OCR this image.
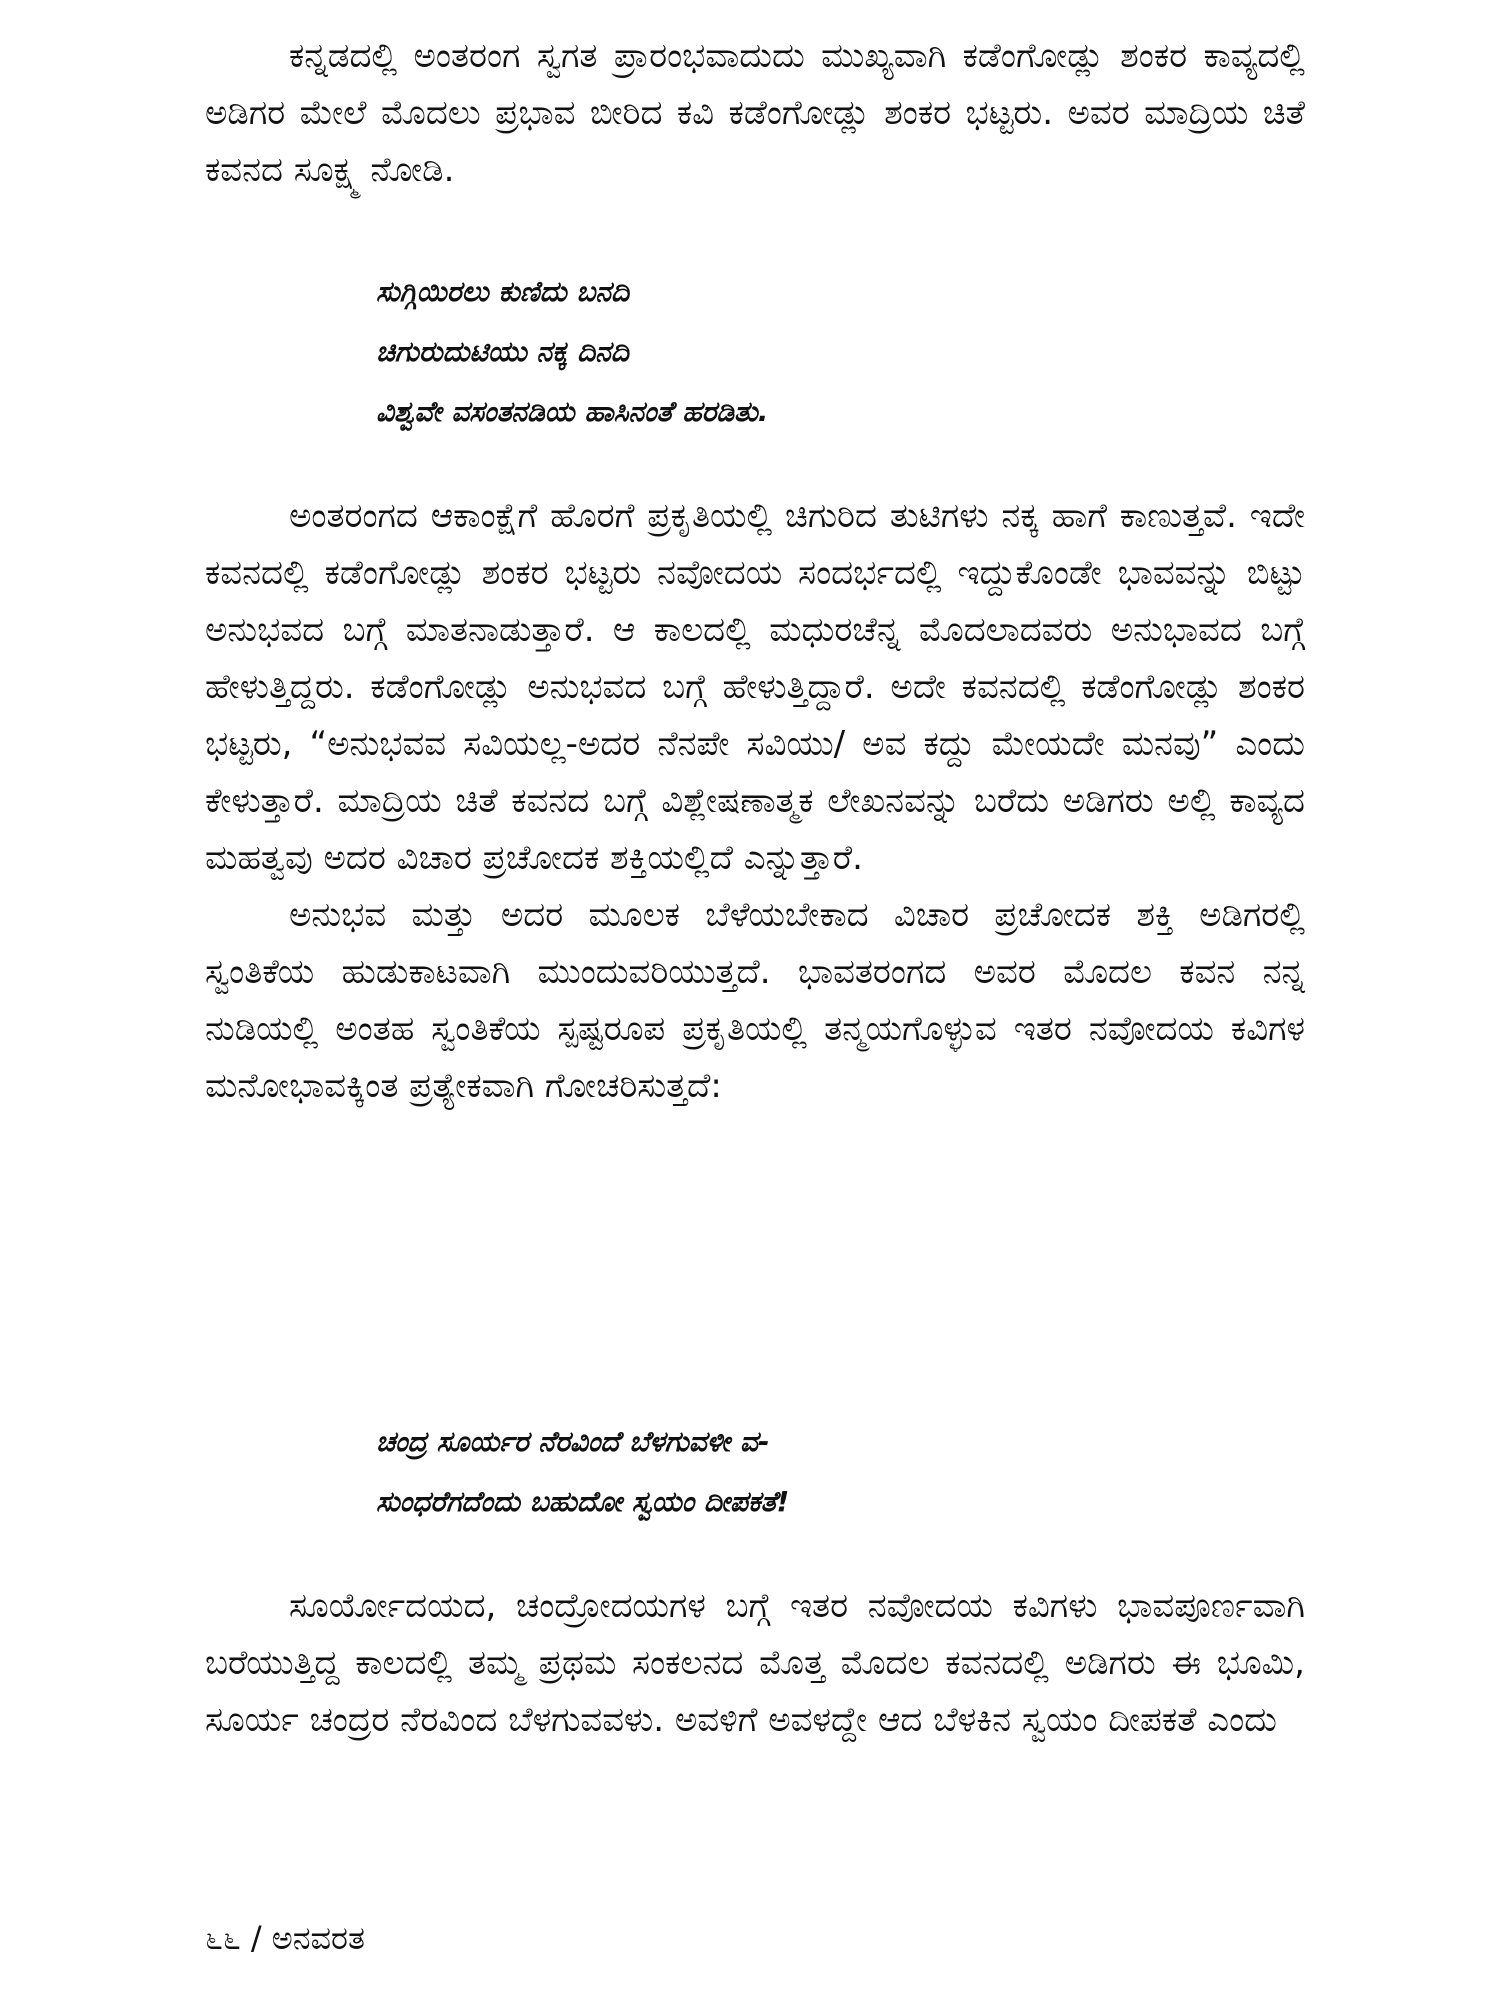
ಕನ್ನಡದಲ್ಲಿ ಅಂತರಂಗ ಸ್ವಗತ ಪ್ರಾರಂಭವಾದುದು ಮುಖ್ಯವಾಗಿ ಕಡೆಂಗೋಡ್ಲು ಶಂಕರ ಕಾವ್ಯದಲ್ಲಿ ಅಡಿಗರ ಮೇಲೆ ಮೊದಲು ಪ್ರಭಾವ ಬೀರಿದ ಕವಿ ಕಡೆಂಗೋಡ್ಲು ಶಂಕರ ಭಟ್ಟರು. ಅವರ ಮಾದ್ರಿಯ ಚಿತೆ ಕವನದ ಸೂಕ್ಷ್ಮ ನೋಡಿ.

ಸುಗ್ಗಿಯಿರಲು ಕುಣಿದು ಬನದಿ
ಚಿಗುರುದುಟಿಯು ನಕ್ಕ ದಿನದಿ
ವಿಶ್ವವೇ ವಸಂತನಡಿಯ ಹಾಸಿನಂತೆ ಹರಡಿತು.

ಅಂತರಂಗದ ಆಕಾಂಕ್ಷೆಗೆ ಹೊರಗೆ ಪ್ರಕೃತಿಯಲ್ಲಿ ಚಿಗುರಿದ ತುಟಿಗಳು ನಕ್ಕ ಹಾಗೆ ಕಾಣುತ್ತವೆ. ಇದೇ ಕವನದಲ್ಲಿ ಕಡೆಂಗೋಡ್ಲು ಶಂಕರ ಭಟ್ಟರು ನವೋದಯ ಸಂದರ್ಭದಲ್ಲಿ ಇದ್ದುಕೊಂಡೇ ಭಾವವನ್ನು ಬಿಟ್ಟು ಅನುಭವದ ಬಗ್ಗೆ ಮಾತನಾಡುತ್ತಾರೆ. ಆ ಕಾಲದಲ್ಲಿ ಮಧುರಚೆನ್ನ ಮೊದಲಾದವರು ಅನುಭಾವದ ಬಗ್ಗೆ ಹೇಳುತ್ತಿದ್ದರು. ಕಡೆಂಗೋಡ್ಲು ಅನುಭವದ ಬಗ್ಗೆ ಹೇಳುತ್ತಿದ್ದಾರೆ. ಅದೇ ಕವನದಲ್ಲಿ ಕಡೆಂಗೋಡ್ಲು ಶಂಕರ ಭಟ್ಟರು, “ಅನುಭವವ ಸವಿಯಲ್ಲ-ಅದರ ನೆನಪೇ ಸವಿಯು/ ಅವ ಕದ್ದು ಮೇಯದೇ ಮನವು” ಎಂದು ಕೇಳುತ್ತಾರೆ. ಮಾದ್ರಿಯ ಚಿತೆ ಕವನದ ಬಗ್ಗೆ ವಿಶ್ಲೇಷಣಾತ್ಮಕ ಲೇಖನವನ್ನು ಬರೆದು ಅಡಿಗರು ಅಲ್ಲಿ ಕಾವ್ಯದ ಮಹತ್ವವು ಅದರ ವಿಚಾರ ಪ್ರಚೋದಕ ಶಕ್ತಿಯಲ್ಲಿದೆ ಎನ್ನುತ್ತಾರೆ.

ಅನುಭವ ಮತ್ತು ಅದರ ಮೂಲಕ ಬೆಳೆಯಬೇಕಾದ ವಿಚಾರ ಪ್ರಚೋದಕ ಶಕ್ತಿ ಅಡಿಗರಲ್ಲಿ ಸ್ವಂತಿಕೆಯ ಹುಡುಕಾಟವಾಗಿ ಮುಂದುವರಿಯುತ್ತದೆ. ಭಾವತರಂಗದ ಅವರ ಮೊದಲ ಕವನ ನನ್ನ ನುಡಿಯಲ್ಲಿ ಅಂತಹ ಸ್ವಂತಿಕೆಯ ಸ್ಪಷ್ಟರೂಪ ಪ್ರಕೃತಿಯಲ್ಲಿ ತನ್ಮಯಗೊಳ್ಳುವ ಇತರ ನವೋದಯ ಕವಿಗಳ ಮನೋಭಾವಕ್ಕಿಂತ ಪ್ರತ್ಯೇಕವಾಗಿ ಗೋಚರಿಸುತ್ತದೆ:

ಚಂದ್ರ ಸೂರ್ಯರ ನೆರವಿಂದೆ ಬೆಳಗುವಳೀ ವ-
ಸುಂಧರೆಗದೆಂದು ಬಹುದೋ ಸ್ವಯಂ ದೀಪಕತೆ!

ಸೂರ್ಯೋದಯದ, ಚಂದ್ರೋದಯಗಳ ಬಗ್ಗೆ ಇತರ ನವೋದಯ ಕವಿಗಳು ಭಾವಪೂರ್ಣವಾಗಿ ಬರೆಯುತ್ತಿದ್ದ ಕಾಲದಲ್ಲಿ ತಮ್ಮ ಪ್ರಥಮ ಸಂಕಲನದ ಮೊತ್ತ ಮೊದಲ ಕವನದಲ್ಲಿ ಅಡಿಗರು ಈ ಭೂಮಿ, ಸೂರ್ಯ ಚಂದ್ರರ ನೆರವಿಂದ ಬೆಳಗುವವಳು. ಅವಳಿಗೆ ಅವಳದ್ದೇ ಆದ ಬೆಳಕಿನ ಸ್ವಯಂ ದೀಪಕತೆ ಎಂದು

೬೬ / ಅನವರತ
